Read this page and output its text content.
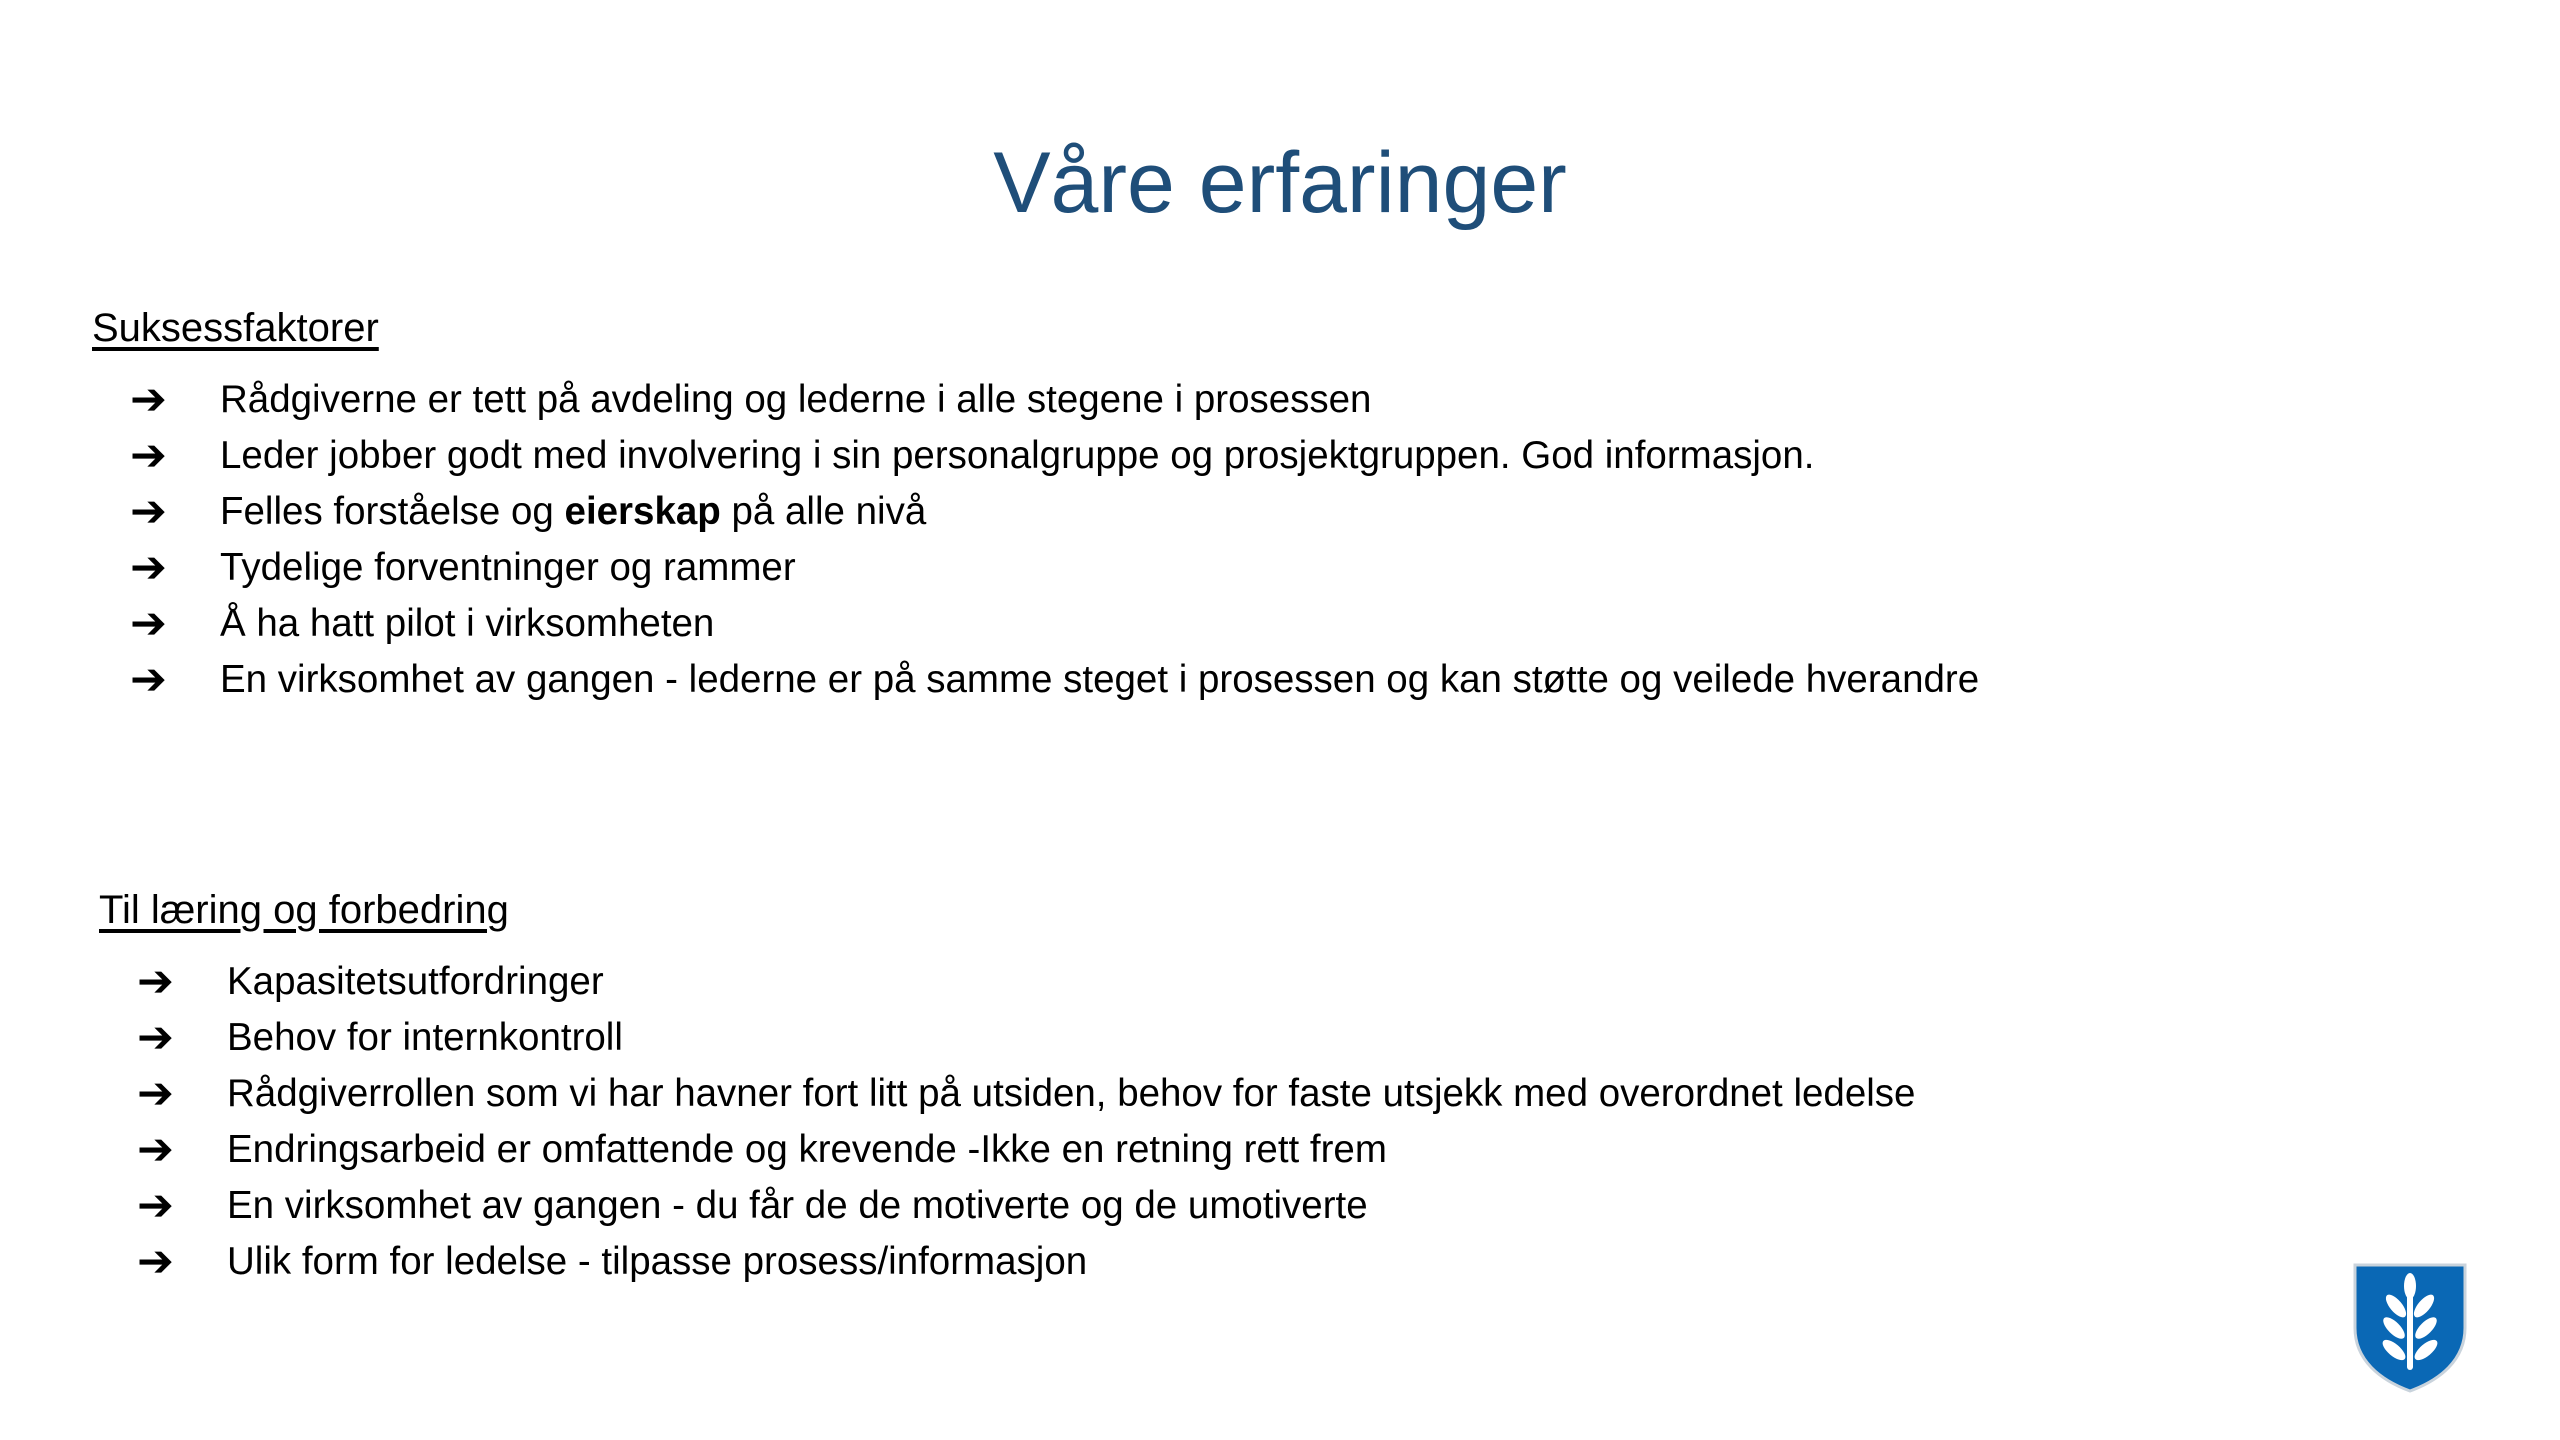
Våre erfaringer
Suksessfaktorer
➔	Rådgiverne er tett på avdeling og lederne i alle stegene i prosessen
➔	Leder jobber godt med involvering i sin personalgruppe og prosjektgruppen. God informasjon.
➔	Felles forståelse og eierskap på alle nivå
➔	Tydelige forventninger og rammer
➔	Å ha hatt pilot i virksomheten
➔	En virksomhet av gangen - lederne er på samme steget i prosessen og kan støtte og veilede hverandre
Til læring og forbedring
➔	Kapasitetsutfordringer
➔	Behov for internkontroll
➔	Rådgiverrollen som vi har havner fort litt på utsiden, behov for faste utsjekk med overordnet ledelse
➔	Endringsarbeid er omfattende og krevende -Ikke en retning rett frem
➔	En virksomhet av gangen - du får de de motiverte og de umotiverte
➔	Ulik form for ledelse - tilpasse prosess/informasjon
